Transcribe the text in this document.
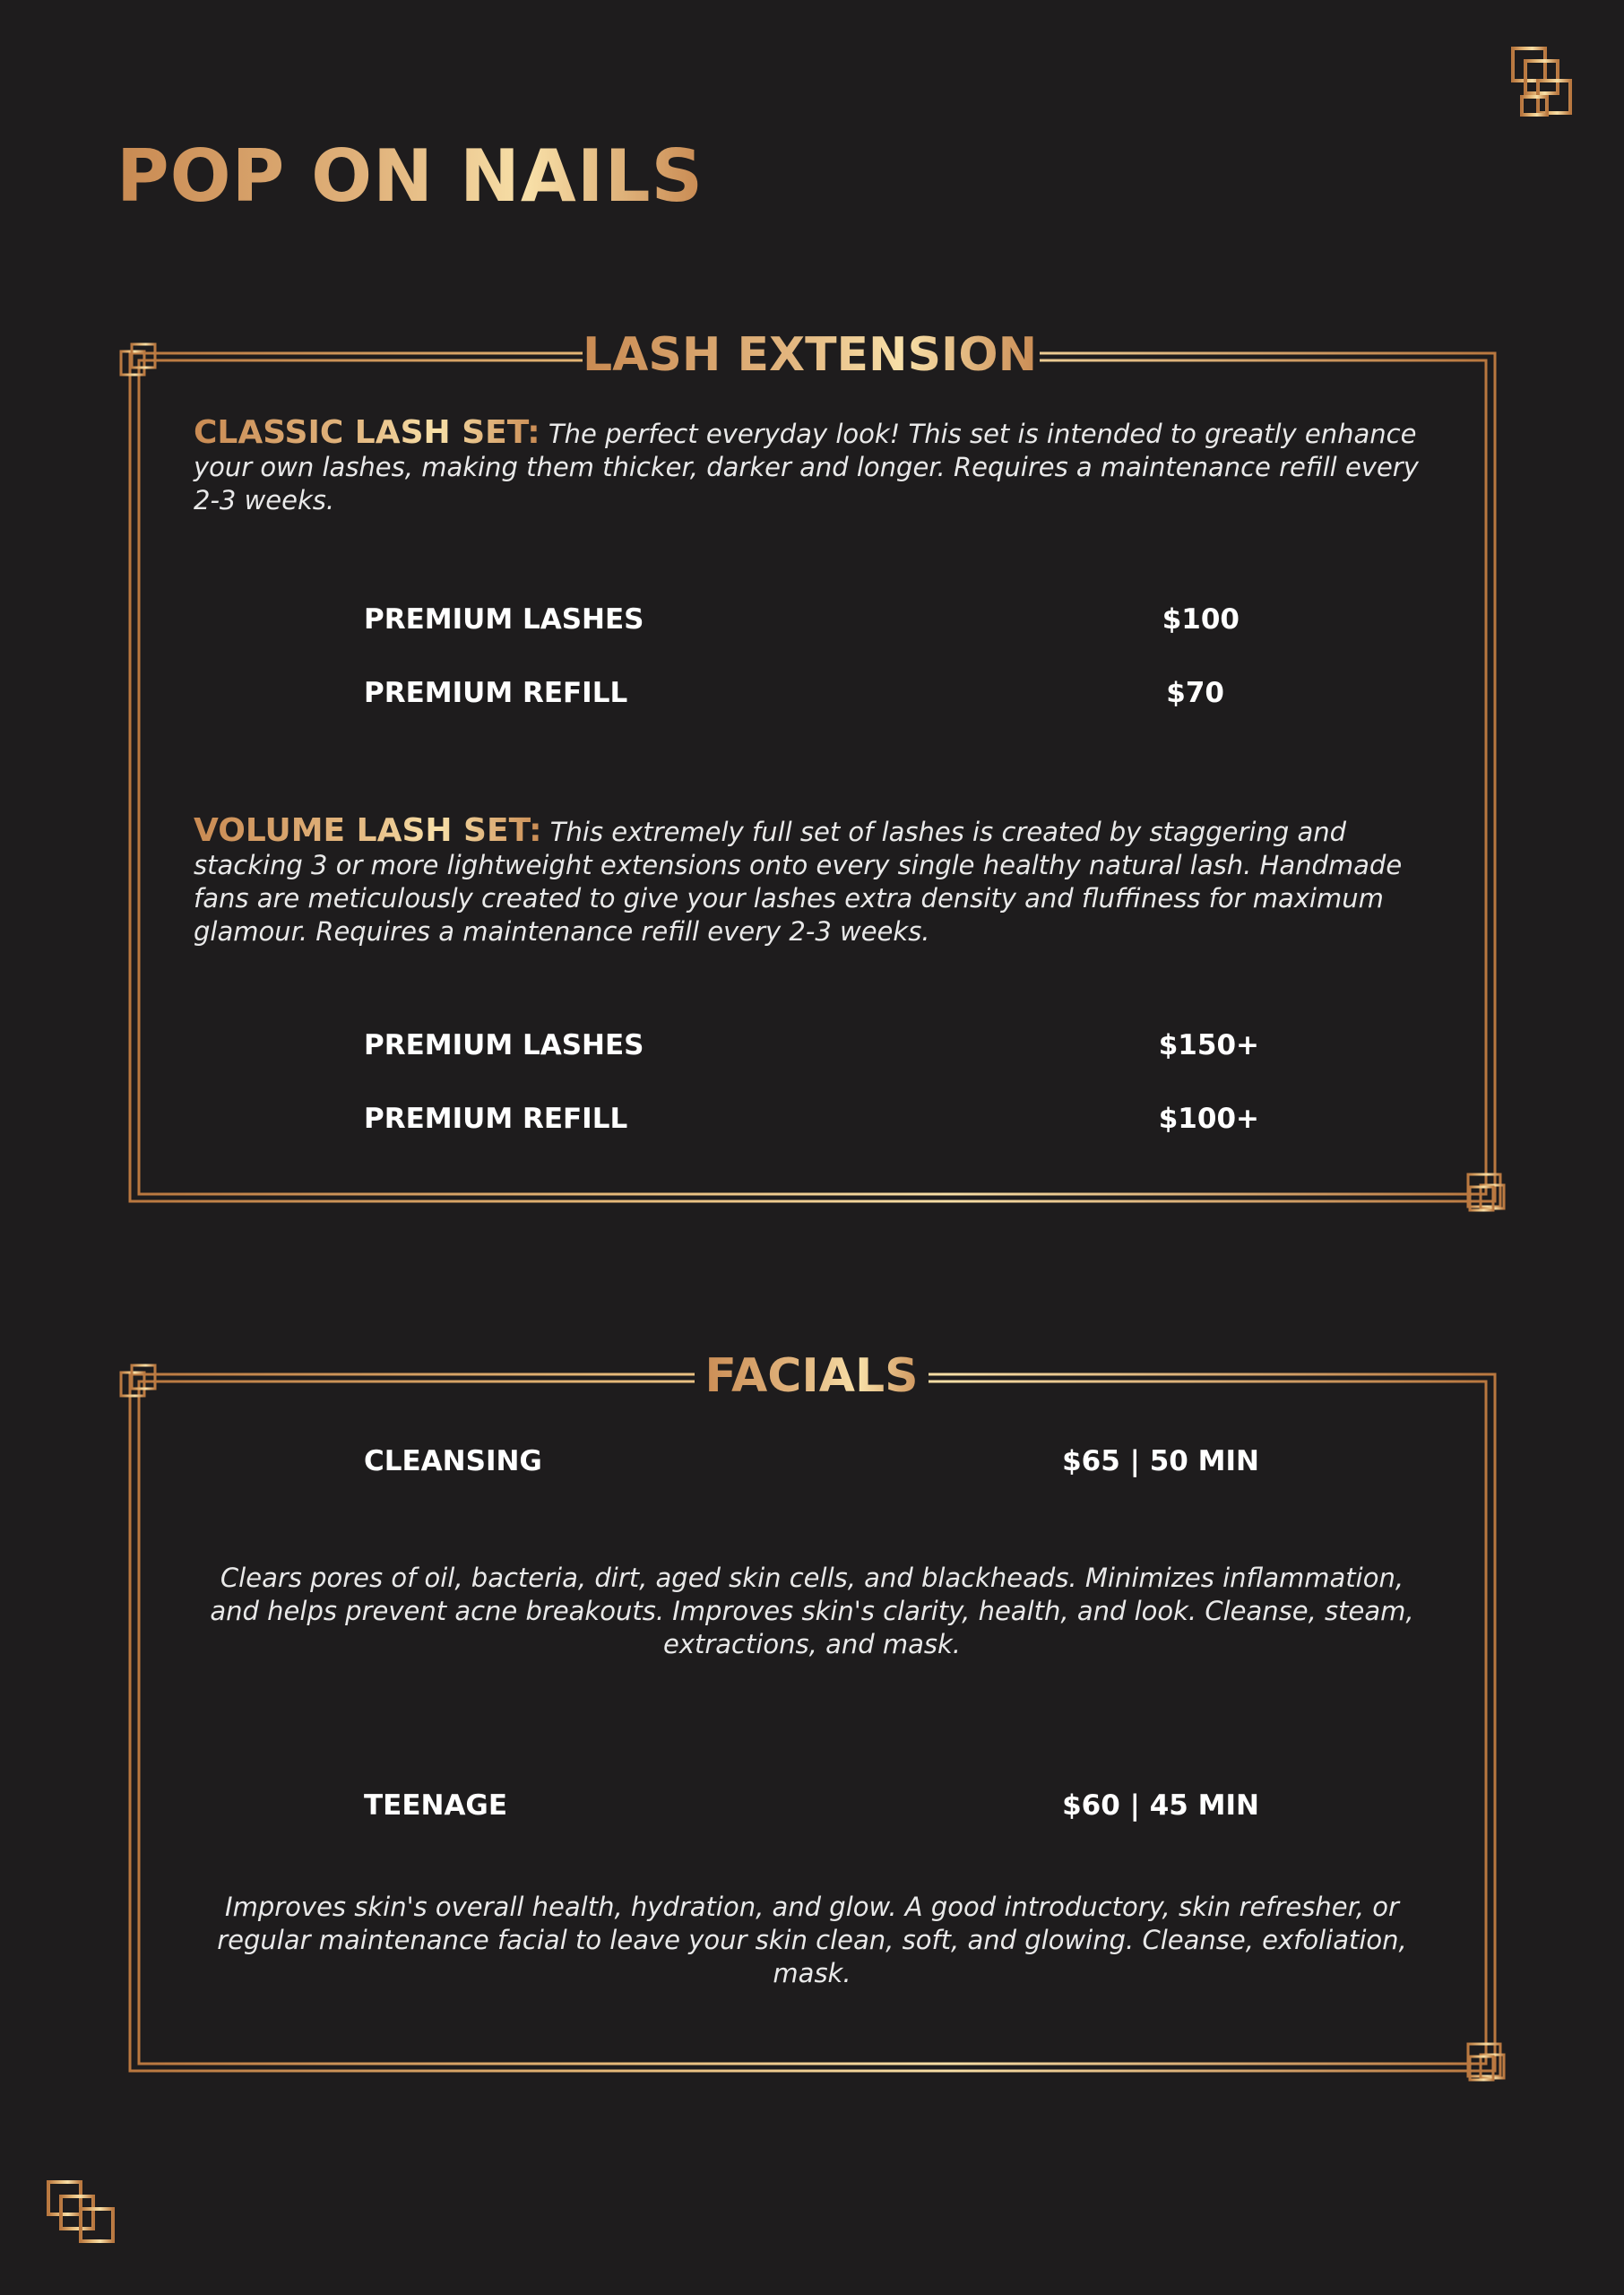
POP ON NAILS
LASH EXTENSIONS
CLASSIC LASH SET: The perfect everyday look! This set is intended to greatly enhance your own lashes, making them thicker, darker and longer. Requires a maintenance refill every 2-3 weeks.
PREMIUM LASHES	$100
PREMIUM REFILL	$70
VOLUME LASH SET: This extremely full set of lashes is created by staggering and stacking 3 or more lightweight extensions onto every single healthy natural lash. Handmade fans are meticulously created to give your lashes extra density and fluffiness for maximum glamour. Requires a maintenance refill every 2-3 weeks.
PREMIUM LASHES	$150+
PREMIUM REFILL	$100+
FACIALS
CLEANSING	$65 | 50 MIN
Clears pores of oil, bacteria, dirt, aged skin cells, and blackheads. Minimizes inflammation, and helps prevent acne breakouts. Improves skin's clarity, health, and look. Cleanse, steam, extractions, and mask.
TEENAGE	$60 | 45 MIN
Improves skin's overall health, hydration, and glow. A good introductory, skin refresher, or regular maintenance facial to leave your skin clean, soft, and glowing. Cleanse, exfoliation, mask.
